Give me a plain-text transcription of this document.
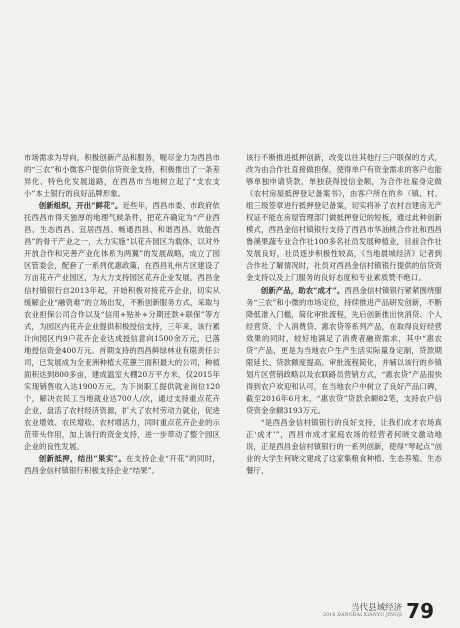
市场需求为导向，积极创新产品和服务，喔尽金力为西昌市的“三农”和小微客户提供信贷资金支持，积极推出了一条差异化、特色化发展道路，在西昌市当地树立起了“支农支小”本土银行的良好品牌形象。

创新组织，开出“鲜花”。近些年，西昌市委、市政府依托西昌市得天独厚的地理气候条件，把花卉确定为“产业西昌、生态西昌、宜居西昌、畅通西昌、和谐西昌、效能西昌”的骨干产业之一，大力实施“以花卉园区为载体，以对外开放合作和完善产业化体系为两翼”的发展战略，成立了园区管委会，配套了一系列优惠政策，在西昌礼州片区建设了万亩花卉产业园区，为大力支持园区花卉企业发展，西昌金信村镇银行自2013年起，开始积极对接花卉企业，切实从缓解企业“融资难”的立场出发，不断创新服务方式，采取与农业担保公司合作以及“信用+贴补+分期还款+联保”等方式，为园区内花卉企业提供积极授信支持，三年来，该行累计向园区内9户花卉企业达成授信意向1500余万元，已落地授信资金400万元。首期支持的西昌鲜绿林业有限责任公司，已发展成为全亚洲种植大花蕙兰面积最大的公司，种植面积达到800多亩，建成温室大棚20万平方米，仅2015年实现销售收入达1900万元，为下岗职工提供就业岗位120个，解决农民工当地就业达700人/次，通过支持重点花卉企业，盘活了农村经济资源，扩大了农村劳动力就业，促进农业增效、农民增收、农村增活力，同时重点花卉企业的示范带头作用，加上该行的资金支持，进一步带动了整个园区企业的良性发展。

创新抵押，结出“果实”。在支持企业“开花”的同时，西昌金信村镇银行积极支持企业“结果”。

该行不断推进抵押创新，改变以往其他行三户联保的方式，改为由合作社直接做担保，使得单户有资金需求的客户也能够单独申请贷款，单独获得授信金额，为合作社雇身定做《农村房屋抵押登记备案书》，由客户所在的乡（镇、村、组三级签章进行抵押登记备案，切实将补了农村自建房无产权证不能在房屋管理部门做抵押登记的短板，通过此种创新模式，西昌金信村镇银行支持了西昌市华油桃合作社和西昌鲁溪果蔬专业合作社100多名社员发展种植业，目前合作社发展良好，社员逐步积极性较高，《当地晨城经济》记者到合作社了解情况时，社员对西昌金信村镇银行提供的信贷资金支持以及上门服务的良好态度和专业素质赞不绝口。

创新产品，助农“成才”。西昌金信村镇银行紧紧围绕服务“三农”和小微的市场定位，持续推进产品研发创新，不断降低准入门槛，简化审批流程，先后创新推出快消贷、个人经营贷、个人消费贷、惠农贷等系列产品，在取得良好经营效果的同时，较好地满足了消费者融资需求，其中“惠农贷”产品，更是为当地农户生产生活实际量身定制，贷款期限延长、贷款额度提高、审批流程简化，并辅以该行的乡镇划片区营销政略以及农联路员营销方式，“惠农贷”产品很快得到农户欢迎和认可，在当地农户中树立了良好产品口碑，截至2016年6月末，“惠农贷”贷款余额82笔，支持农户信贷资金余额3193万元。

“是西昌金信村镇银行的良好支持，让我们成才农场真正‘成才’”，西昌市成才家庭农场的经营者何晓文激动地说，正是西昌金信村镇银行的一系列创新，使得“琴起点”创业的大学生何晓文建成了这家集粮食种植、生态养殖、生态餐厅、

当代县域经济
2016 DANGDAI XIANYU JINGJI 79
